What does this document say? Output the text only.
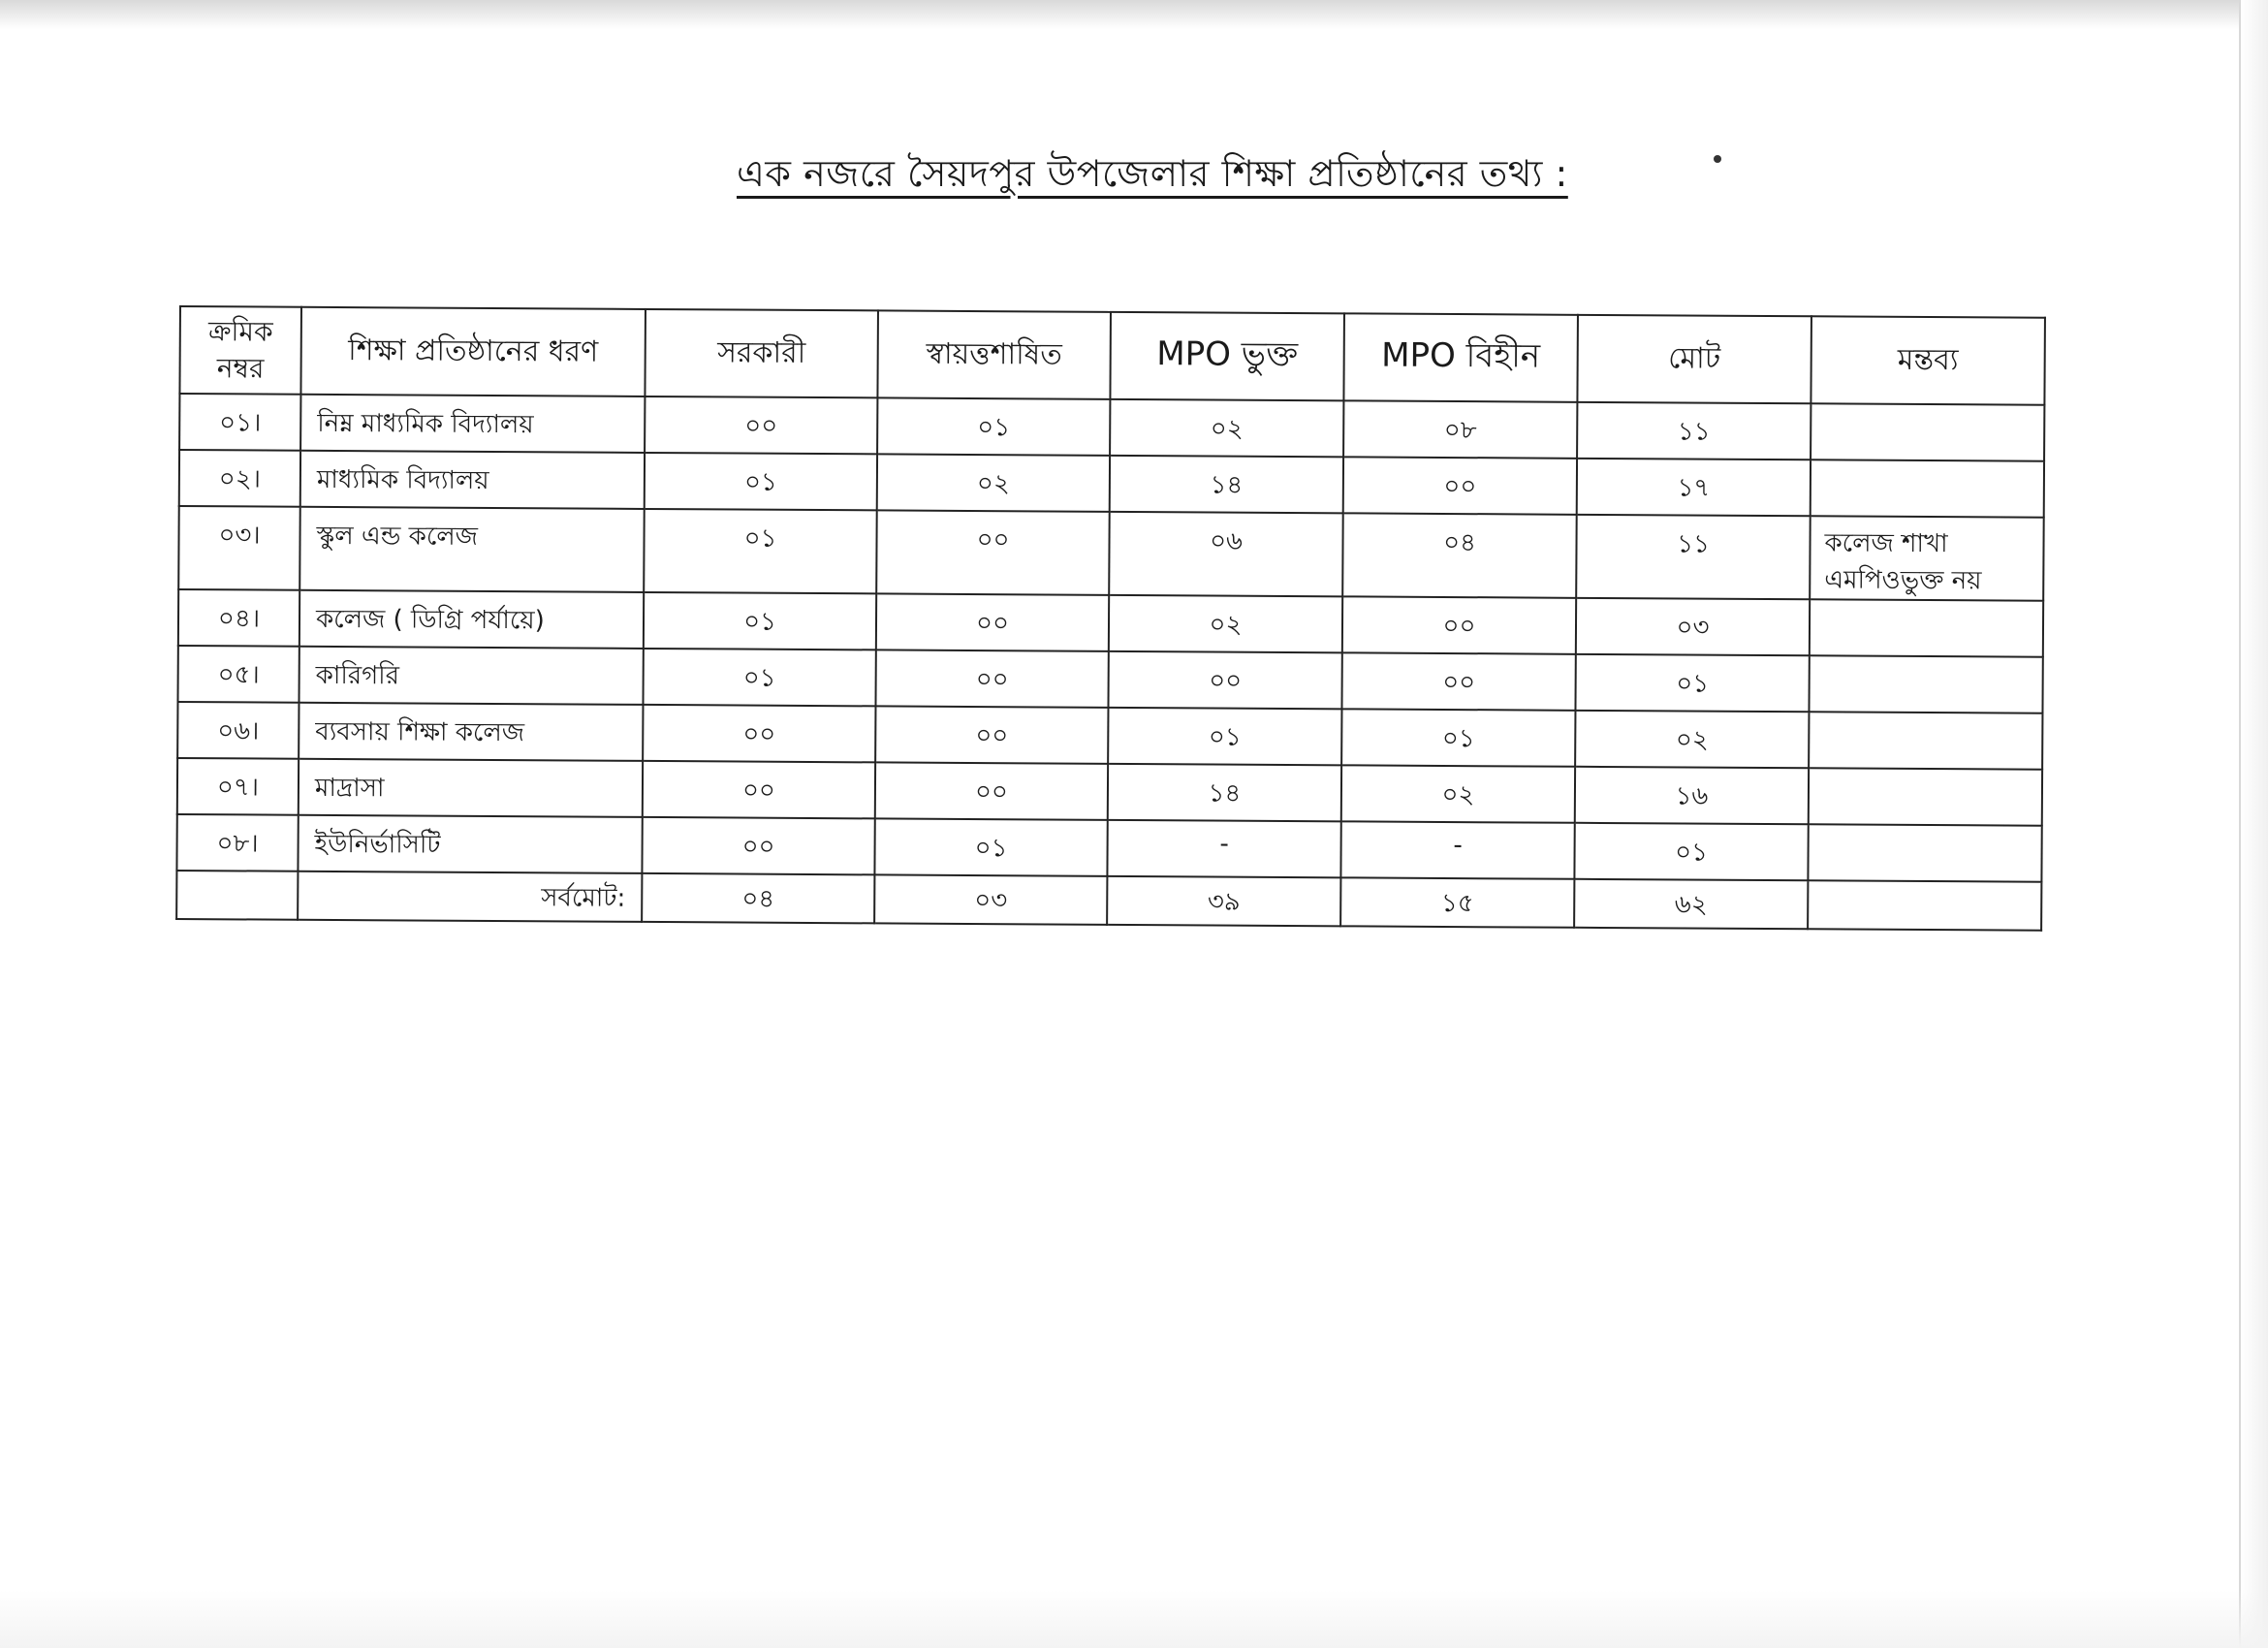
এক নজরে সৈয়দপুর উপজেলার শিক্ষা প্রতিষ্ঠানের তথ্য :
ক্রমিক নম্বর	শিক্ষা প্রতিষ্ঠানের ধরণ	সরকারী	স্বায়ত্তশাষিত	MPO ভুক্ত	MPO বিহীন	মোট	মন্তব্য
০১।	নিম্ন মাধ্যমিক বিদ্যালয়	০০	০১	০২	০৮	১১	
০২।	মাধ্যমিক বিদ্যালয়	০১	০২	১৪	০০	১৭	
০৩।	স্কুল এন্ড কলেজ	০১	০০	০৬	০৪	১১	কলেজ শাখা এমপিওভুক্ত নয়
০৪।	কলেজ ( ডিগ্রি পর্যায়ে)	০১	০০	০২	০০	০৩	
০৫।	কারিগরি	০১	০০	০০	০০	০১	
০৬।	ব্যবসায় শিক্ষা কলেজ	০০	০০	০১	০১	০২	
০৭।	মাদ্রাসা	০০	০০	১৪	০২	১৬	
০৮।	ইউনির্ভাসিটি	০০	০১	-	-	০১	
	সর্বমোট:	০৪	০৩	৩৯	১৫	৬২	
